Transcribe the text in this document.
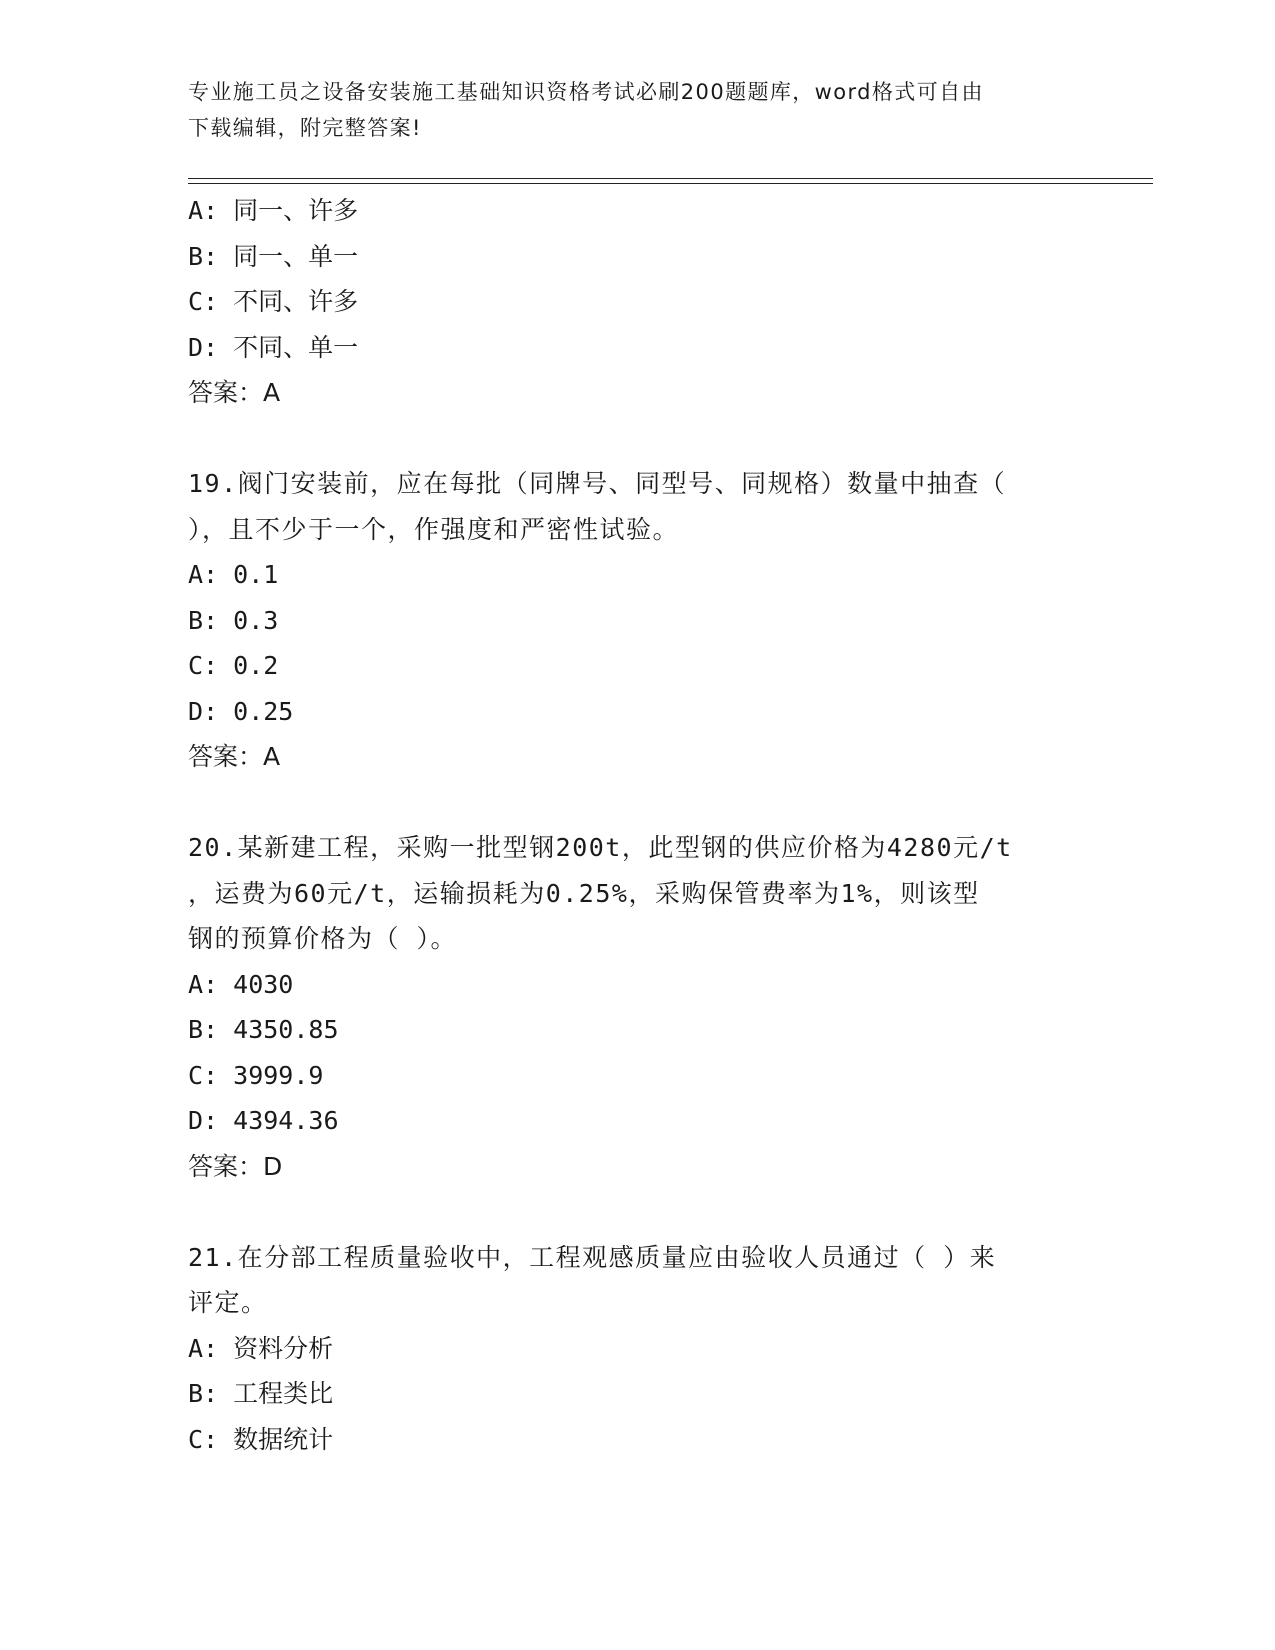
专业施工员之设备安装施工基础知识资格考试必刷200题题库，word格式可自由
下载编辑，附完整答案!
A: 同一、许多
B: 同一、单一
C: 不同、许多
D: 不同、单一
答案：A
19.阀门安装前，应在每批（同牌号、同型号、同规格）数量中抽查（
），且不少于一个，作强度和严密性试验。
A: 0.1
B: 0.3
C: 0.2
D: 0.25
答案：A
20.某新建工程，采购一批型钢200t，此型钢的供应价格为4280元/t
，运费为60元/t，运输损耗为0.25%，采购保管费率为1%，则该型
钢的预算价格为（ ）。
A: 4030
B: 4350.85
C: 3999.9
D: 4394.36
答案：D
21.在分部工程质量验收中，工程观感质量应由验收人员通过（ ）来
评定。
A: 资料分析
B: 工程类比
C: 数据统计
